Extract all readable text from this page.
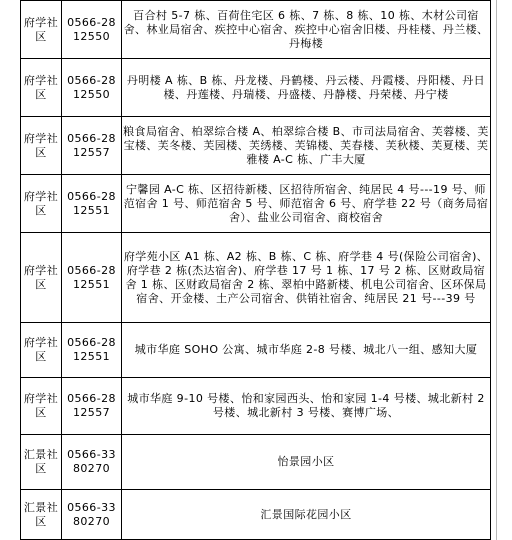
府学社区	0566-28 12550	百合村 5-7 栋、百荷住宅区 6 栋、7 栋、8 栋、10 栋、木材公司宿舍、林业局宿舍、疾控中心宿舍、疾控中心宿舍旧楼、丹桂楼、丹兰楼、丹梅楼
府学社区	0566-28 12550	丹明楼 A 栋、B 栋、丹龙楼、丹鹤楼、丹云楼、丹霞楼、丹阳楼、丹日楼、丹莲楼、丹瑞楼、丹盛楼、丹静楼、丹荣楼、丹宁楼
府学社区	0566-28 12557	粮食局宿舍、柏翠综合楼 A、柏翠综合楼 B、市司法局宿舍、芙蓉楼、芙宝楼、芙冬楼、芙园楼、芙绣楼、芙锦楼、芙春楼、芙秋楼、芙夏楼、芙雅楼 A-C 栋、广丰大厦
府学社区	0566-28 12551	宁馨园 A-C 栋、区招待新楼、区招待所宿舍、纯居民 4 号---19 号、师范宿舍 1 号、师范宿舍 5 号、师范宿舍 6 号、府学巷 22 号（商务局宿舍）、盐业公司宿舍、商校宿舍
府学社区	0566-28 12551	府学苑小区 A1 栋、A2 栋、B 栋、C 栋、府学巷 4 号(保险公司宿舍)、府学巷 2 栋(杰达宿舍)、府学巷 17 号 1 栋、17 号 2 栋、区财政局宿舍 1 栋、区财政局宿舍 2 栋、翠柏中路新楼、机电公司宿舍、区环保局宿舍、开金楼、土产公司宿舍、供销社宿舍、纯居民 21 号---39 号
府学社区	0566-28 12551	城市华庭 SOHO 公寓、城市华庭 2-8 号楼、城北八一组、感知大厦
府学社区	0566-28 12557	城市华庭 9-10 号楼、怡和家园西头、怡和家园 1-4 号楼、城北新村 2 号楼、城北新村 3 号楼、赛博广场、
汇景社区	0566-33 80270	怡景园小区
汇景社区	0566-33 80270	汇景国际花园小区
